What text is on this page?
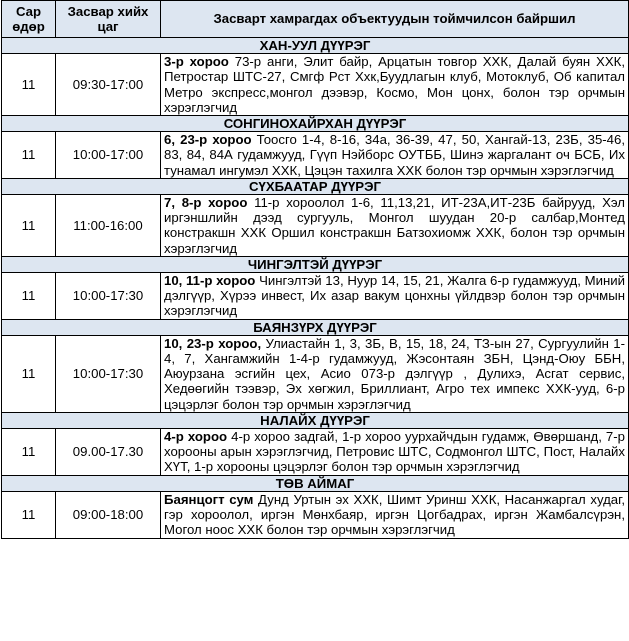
Сар өдөр	Засвар хийх цаг	Засварт хамрагдах объектуудын тоймчилсон байршил
ХАН-УУЛ ДҮҮРЭГ		
11	09:30-17:00	3-р хороо 73-р анги, Элит байр, Арцатын товгор ХХК, Далай буян ХХК, Петростар ШТС-27, Смгф Рст Ххк,Буудлагын клуб, Мотоклуб, Об капитал Метро экспресс,монгол дээвэр, Космо, Мон цонх, болон тэр орчмын хэрэглэгчид
СОНГИНОХАЙРХАН ДҮҮРЭГ		
11	10:00-17:00	6, 23-р хороо Тоосго 1-4, 8-16, 34а, 36-39, 47, 50, Хангай-13, 23Б, 35-46, 83, 84, 84А гудамжууд, Гүүп Нэйборс ОУТББ, Шинэ жаргалант оч БСБ, Их тунамал ингумэл ХХК, Цэцэн тахилга ХХК болон тэр орчмын хэрэглэгчид
СҮХБААТАР ДҮҮРЭГ		
11	11:00-16:00	7, 8-р хороо 11-р хороолол 1-6, 11,13,21, ИТ-23А,ИТ-23Б байрууд, Хэл иргэншлийн дээд сургууль, Монгол шуудан 20-р салбар,Монтед констракшн ХХК Оршил констракшн Батзохиомж ХХК, болон тэр орчмын хэрэглэгчид
ЧИНГЭЛТЭЙ ДҮҮРЭГ		
11	10:00-17:30	10, 11-р хороо Чингэлтэй 13, Нуур 14, 15, 21, Жалга 6-р гудамжууд, Миний дэлгүүр, Хүрээ инвест, Их азар вакум цонхны үйлдвэр болон тэр орчмын хэрэглэгчид
БАЯНЗҮРХ ДҮҮРЭГ		
11	10:00-17:30	10, 23-р хороо, Улиастайн 1, 3, 3Б, В, 15, 18, 24, ТЗ-ын 27, Сургуулийн 1-4, 7, Хангамжийн 1-4-р гудамжууд, Жэсонтаян ЗБН, Цэнд-Оюу ББН, Аюурзана эсгийн цех, Асио 073-р дэлгүүр , Дулихэ, Асгат сервис, Хедөөгийн тээвэр, Эх хөгжил, Бриллиант, Агро тех импекс ХХК-ууд, 6-р цэцэрлэг болон тэр орчмын хэрэглэгчид
НАЛАЙХ ДҮҮРЭГ		
11	09.00-17.30	4-р хороо 4-р хороо задгай, 1-р хороо уурхайчдын гудамж, Өвөршанд, 7-р хорооны арын хэрэглэгчид, Петровис ШТС, Содмонгол ШТС, Пост, Налайх ХҮТ, 1-р хорооны цэцэрлэг болон тэр орчмын хэрэглэгчид
ТӨВ АЙМАГ		
11	09:00-18:00	Баянцогт сум Дунд Уртын эх ХХК, Шимт Уринш ХХК, Насанжаргал худаг, гэр хороолол, иргэн Мөнхбаяр, иргэн Цогбадрах, иргэн Жамбалсүрэн, Могол ноос ХХК болон тэр орчмын хэрэглэгчид
